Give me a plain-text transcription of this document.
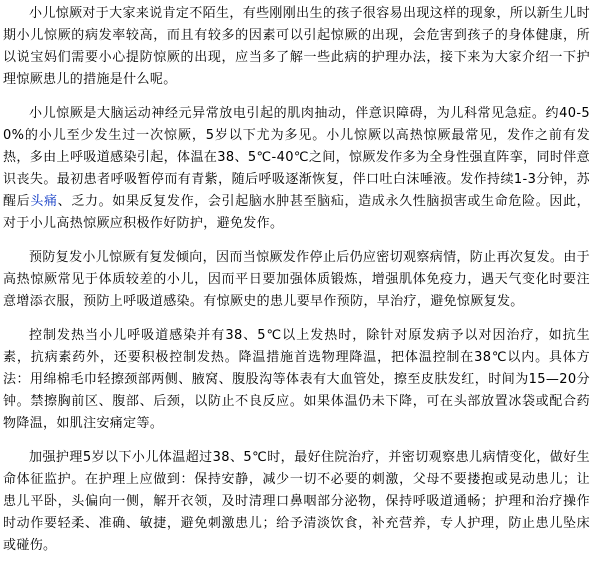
小儿惊厥对于大家来说肯定不陌生，有些刚刚出生的孩子很容易出现这样的现象，所以新生儿时期小儿惊厥的病发率较高，而且有较多的因素可以引起惊厥的出现，会危害到孩子的身体健康，所以说宝妈们需要小心提防惊厥的出现，应当多了解一些此病的护理办法，接下来为大家介绍一下护理惊厥患儿的措施是什么呢。

小儿惊厥是大脑运动神经元异常放电引起的肌肉抽动，伴意识障碍，为儿科常见急症。约40-50%的小儿至少发生过一次惊厥，5岁以下尤为多见。小儿惊厥以高热惊厥最常见，发作之前有发热，多由上呼吸道感染引起，体温在38、5℃-40℃之间，惊厥发作多为全身性强直阵挛，同时伴意识丧失。最初患者呼吸暂停而有青紫，随后呼吸逐渐恢复，伴口吐白沫唾液。发作持续1-3分钟，苏醒后头痛、乏力。如果反复发作，会引起脑水肿甚至脑疝，造成永久性脑损害或生命危险。因此，对于小儿高热惊厥应积极作好防护，避免发作。

预防复发小儿惊厥有复发倾向，因而当惊厥发作停止后仍应密切观察病情，防止再次复发。由于高热惊厥常见于体质较差的小儿，因而平日要加强体质锻炼，增强肌体免疫力，遇天气变化时要注意增添衣服，预防上呼吸道感染。有惊厥史的患儿要早作预防，早治疗，避免惊厥复发。

控制发热当小儿呼吸道感染并有38、5℃以上发热时，除针对原发病予以对因治疗，如抗生素，抗病素药外，还要积极控制发热。降温措施首选物理降温，把体温控制在38℃以内。具体方法：用绵棉毛巾轻擦颈部两侧、腋窝、腹股沟等体表有大血管处，擦至皮肤发红，时间为15—20分钟。禁擦胸前区、腹部、后颈，以防止不良反应。如果体温仍未下降，可在头部放置冰袋或配合药物降温，如肌注安痛定等。

加强护理5岁以下小儿体温超过38、5℃时，最好住院治疗，并密切观察患儿病情变化，做好生命体征监护。在护理上应做到：保持安静，减少一切不必要的刺激，父母不要搂抱或晃动患儿；让患儿平卧，头偏向一侧，解开衣领，及时清理口鼻咽部分泌物，保持呼吸道通畅；护理和治疗操作时动作要轻柔、准确、敏捷，避免刺激患儿；给予清淡饮食，补充营养，专人护理，防止患儿坠床或碰伤。
